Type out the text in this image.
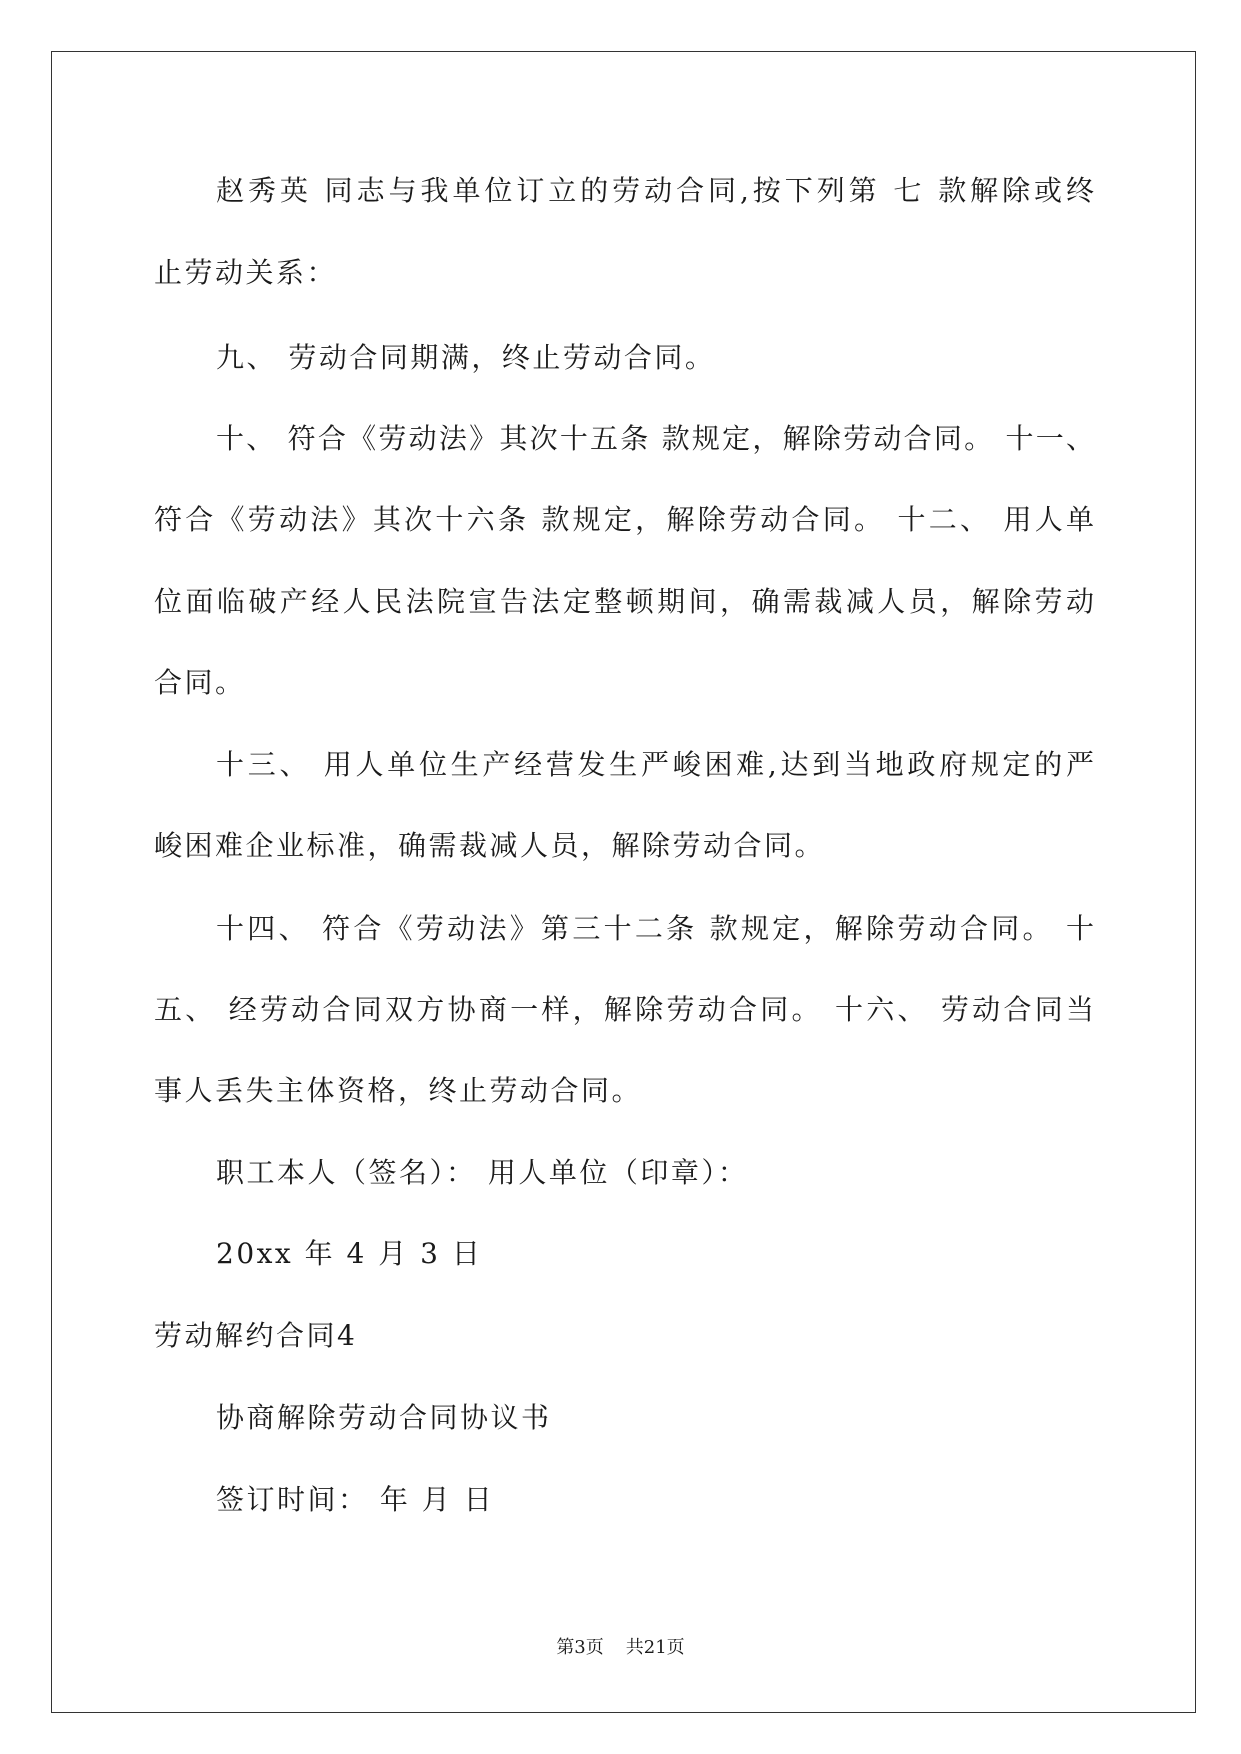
赵秀英 同志与我单位订立的劳动合同,按下列第 七 款解除或终

止劳动关系：

九、 劳动合同期满，终止劳动合同。

十、 符合《劳动法》其次十五条 款规定，解除劳动合同。 十一、

符合《劳动法》其次十六条 款规定，解除劳动合同。 十二、 用人单

位面临破产经人民法院宣告法定整顿期间，确需裁减人员，解除劳动

合同。

十三、 用人单位生产经营发生严峻困难,达到当地政府规定的严

峻困难企业标准，确需裁减人员，解除劳动合同。

十四、 符合《劳动法》第三十二条 款规定，解除劳动合同。 十

五、 经劳动合同双方协商一样，解除劳动合同。 十六、 劳动合同当

事人丢失主体资格，终止劳动合同。

职工本人（签名）： 用人单位（印章）：

20xx 年 4 月 3 日

劳动解约合同4

协商解除劳动合同协议书

签订时间： 年 月 日

第3页 共21页
